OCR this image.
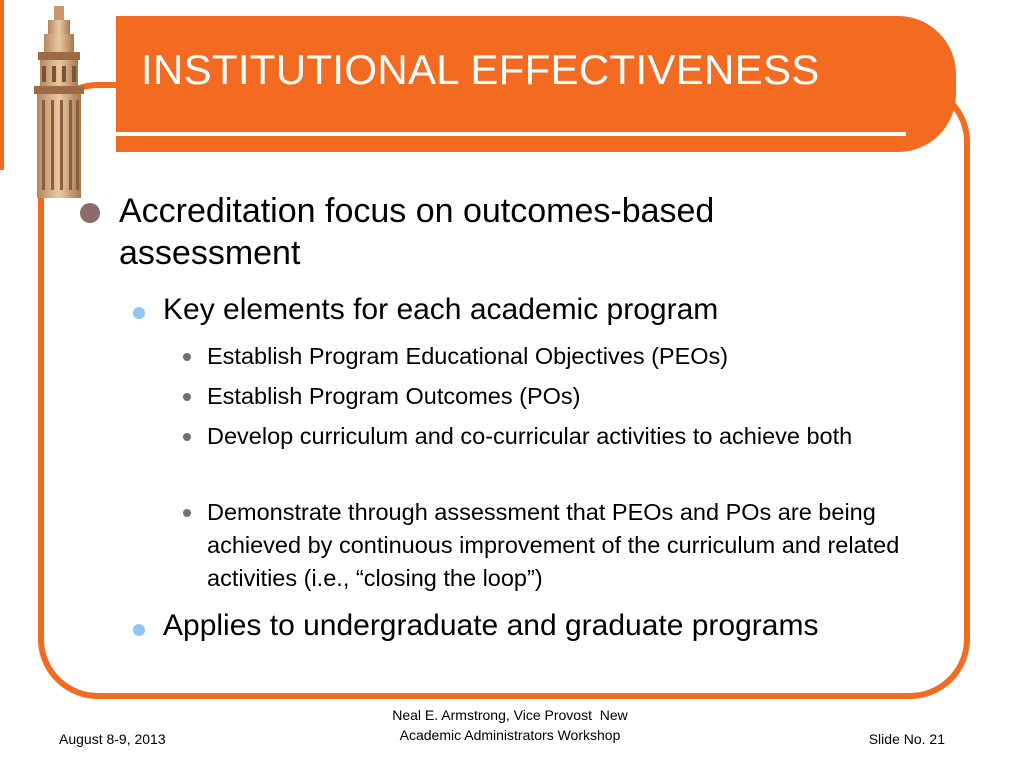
INSTITUTIONAL EFFECTIVENESS
Accreditation focus on outcomes-based assessment
Key elements for each academic program
Establish Program Educational Objectives (PEOs)
Establish Program Outcomes (POs)
Develop curriculum and co-curricular activities to achieve both
Demonstrate through assessment that PEOs and POs are being achieved by continuous improvement of the curriculum and related activities (i.e., “closing the loop”)
Applies to undergraduate and graduate programs
August 8-9, 2013
Neal E. Armstrong, Vice Provost  New
Academic Administrators Workshop	Slide No. 21
